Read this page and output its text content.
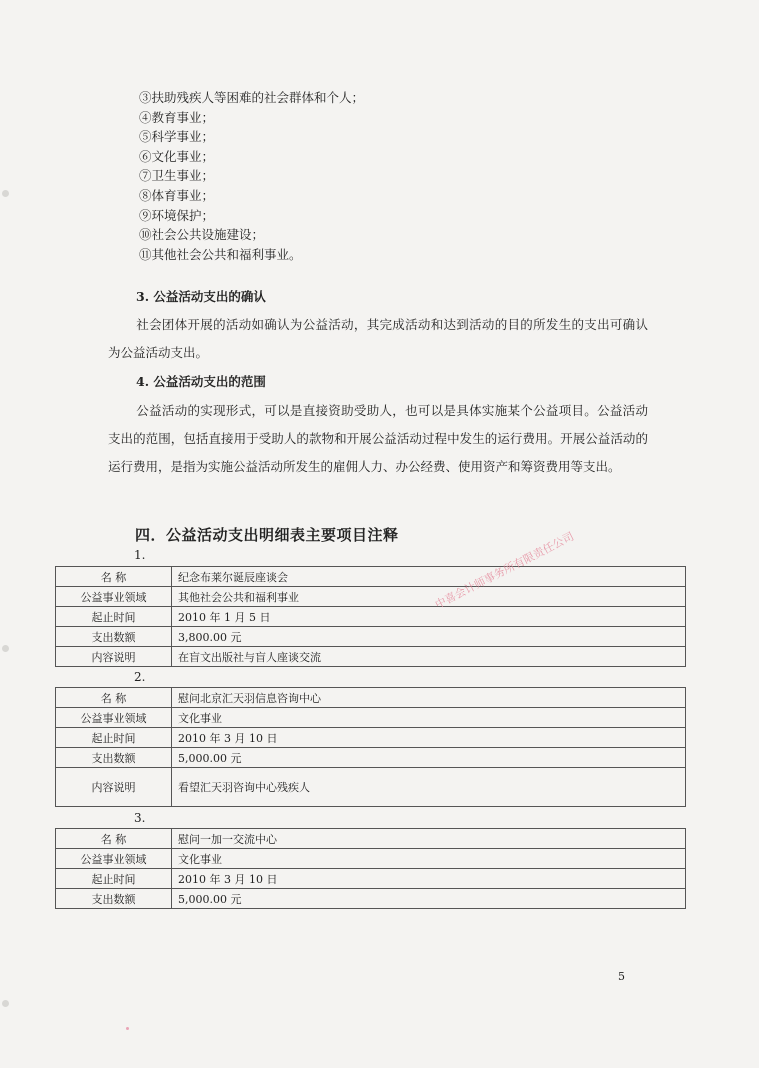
③扶助残疾人等困难的社会群体和个人；
④教育事业；
⑤科学事业；
⑥文化事业；
⑦卫生事业；
⑧体育事业；
⑨环境保护；
⑩社会公共设施建设；
⑪其他社会公共和福利事业。
3. 公益活动支出的确认
社会团体开展的活动如确认为公益活动，其完成活动和达到活动的目的所发生的支出可确认为公益活动支出。
4. 公益活动支出的范围
公益活动的实现形式，可以是直接资助受助人，也可以是具体实施某个公益项目。公益活动支出的范围，包括直接用于受助人的款物和开展公益活动过程中发生的运行费用。开展公益活动的运行费用，是指为实施公益活动所发生的雇佣人力、办公经费、使用资产和筹资费用等支出。
四．公益活动支出明细表主要项目注释
1.
名 称	纪念布莱尔诞辰座谈会
公益事业领域	其他社会公共和福利事业
起止时间	2010 年 1 月 5 日
支出数额	3,800.00 元
内容说明	在盲文出版社与盲人座谈交流
2.
名 称	慰问北京汇天羽信息咨询中心
公益事业领域	文化事业
起止时间	2010 年 3 月 10 日
支出数额	5,000.00 元
内容说明	看望汇天羽咨询中心残疾人
3.
名 称	慰问一加一交流中心
公益事业领域	文化事业
起止时间	2010 年 3 月 10 日
支出数额	5,000.00 元
中喜会计师事务所有限责任公司
5
